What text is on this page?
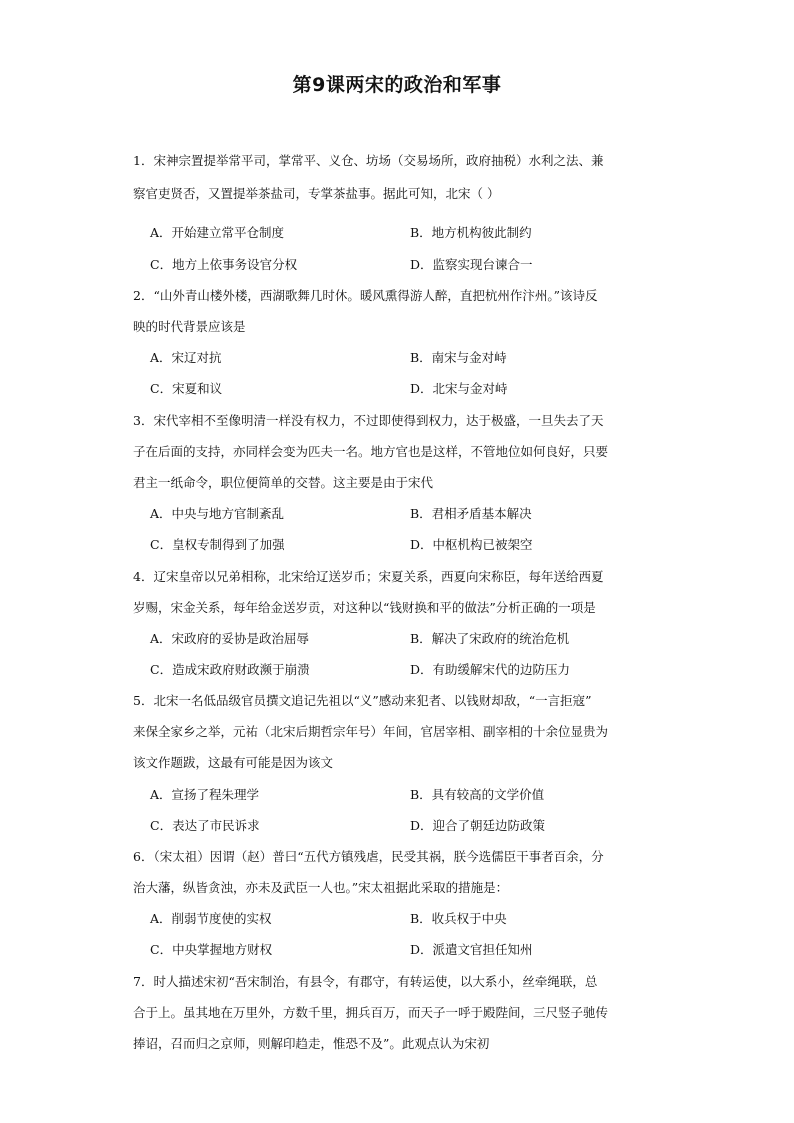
第9课两宋的政治和军事
1．宋神宗置提举常平司，掌常平、义仓、坊场（交易场所，政府抽税）水利之法、兼
察官吏贤否，又置提举茶盐司，专掌茶盐事。据此可知，北宋（ ）
A．开始建立常平仓制度	B．地方机构彼此制约
C．地方上依事务设官分权	D．监察实现台谏合一
2．“山外青山楼外楼，西湖歌舞几时休。暖风熏得游人醉，直把杭州作汴州。”该诗反
映的时代背景应该是
A．宋辽对抗	B．南宋与金对峙
C．宋夏和议	D．北宋与金对峙
3．宋代宰相不至像明清一样没有权力，不过即使得到权力，达于极盛，一旦失去了天
子在后面的支持，亦同样会变为匹夫一名。地方官也是这样，不管地位如何良好，只要
君主一纸命令，职位便简单的交替。这主要是由于宋代
A．中央与地方官制紊乱	B．君相矛盾基本解决
C．皇权专制得到了加强	D．中枢机构已被架空
4．辽宋皇帝以兄弟相称，北宋给辽送岁币；宋夏关系，西夏向宋称臣，每年送给西夏
岁赐，宋金关系，每年给金送岁贡，对这种以“钱财换和平的做法”分析正确的一项是
A．宋政府的妥协是政治屈辱	B．解决了宋政府的统治危机
C．造成宋政府财政濒于崩溃	D．有助缓解宋代的边防压力
5．北宋一名低品级官员撰文追记先祖以“义”感动来犯者、以钱财却敌，“一言拒寇”
来保全家乡之举，元祐（北宋后期哲宗年号）年间，官居宰相、副宰相的十余位显贵为
该文作题跋，这最有可能是因为该文
A．宣扬了程朱理学	B．具有较高的文学价值
C．表达了市民诉求	D．迎合了朝廷边防政策
6．（宋太祖）因谓（赵）普曰“五代方镇残虐，民受其祸，朕今选儒臣干事者百余，分
治大藩，纵皆贪浊，亦未及武臣一人也。”宋太祖据此采取的措施是：
A．削弱节度使的实权	B．收兵权于中央
C．中央掌握地方财权	D．派遣文官担任知州
7．时人描述宋初“吾宋制治，有县令，有郡守，有转运使，以大系小，丝牵绳联，总
合于上。虽其地在万里外，方数千里，拥兵百万，而天子一呼于殿陛间，三尺竖子驰传
捧诏，召而归之京师，则解印趋走，惟恐不及”。此观点认为宋初
